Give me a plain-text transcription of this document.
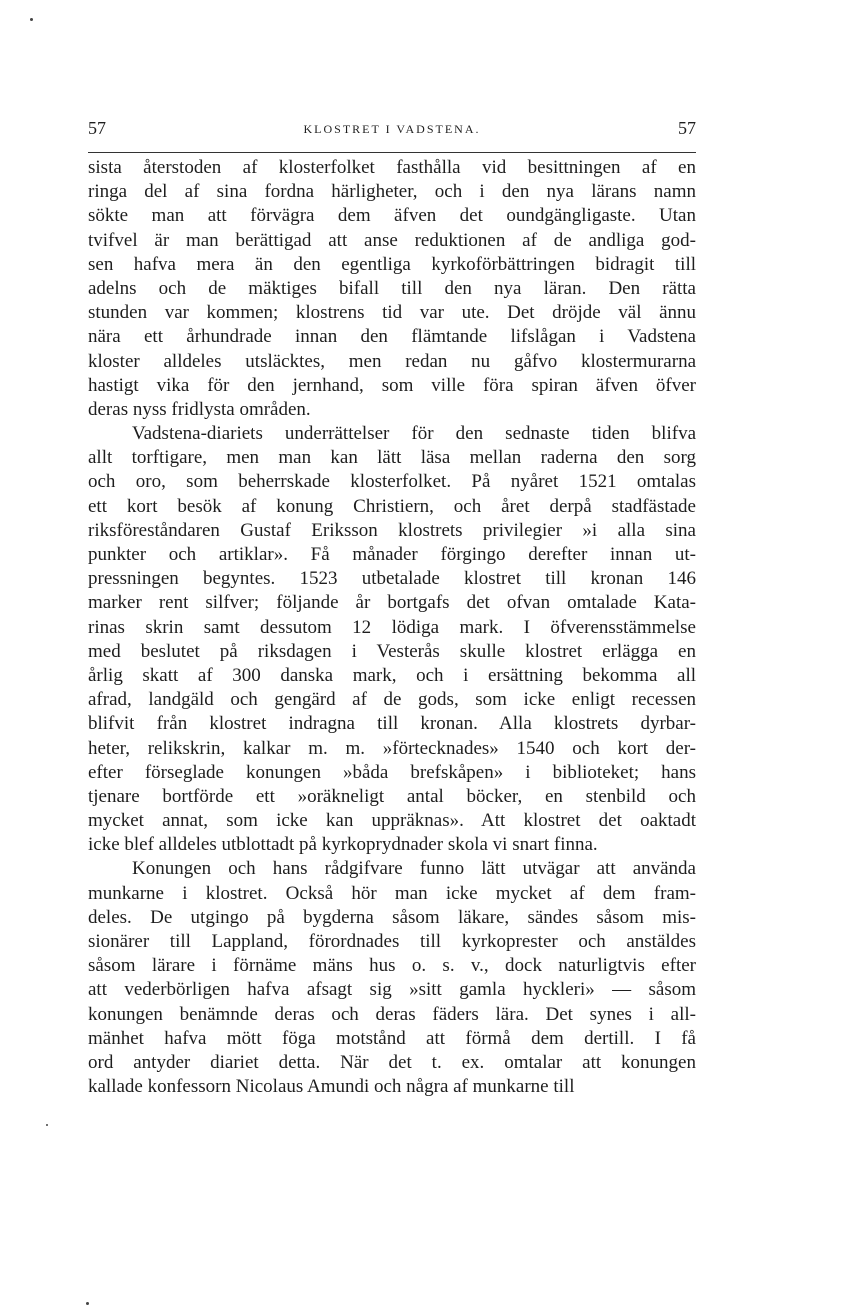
57	KLOSTRET I VADSTENA.	57
sista återstoden af klosterfolket fasthålla vid besittningen af en
ringa del af sina fordna härligheter, och i den nya lärans namn
sökte man att förvägra dem äfven det oundgängligaste. Utan
tvifvel är man berättigad att anse reduktionen af de andliga god-
sen hafva mera än den egentliga kyrkoförbättringen bidragit till
adelns och de mäktiges bifall till den nya läran. Den rätta
stunden var kommen; klostrens tid var ute. Det dröjde väl ännu
nära ett århundrade innan den flämtande lifslågan i Vadstena
kloster alldeles utsläcktes, men redan nu gåfvo klostermurarna
hastigt vika för den jernhand, som ville föra spiran äfven öfver
deras nyss fridlysta områden.
Vadstena-diariets underrättelser för den sednaste tiden blifva
allt torftigare, men man kan lätt läsa mellan raderna den sorg
och oro, som beherrskade klosterfolket. På nyåret 1521 omtalas
ett kort besök af konung Christiern, och året derpå stadfästade
riksföreståndaren Gustaf Eriksson klostrets privilegier »i alla sina
punkter och artiklar». Få månader förgingo derefter innan ut-
pressningen begyntes. 1523 utbetalade klostret till kronan 146
marker rent silfver; följande år bortgafs det ofvan omtalade Kata-
rinas skrin samt dessutom 12 lödiga mark. I öfverensstämmelse
med beslutet på riksdagen i Vesterås skulle klostret erlägga en
årlig skatt af 300 danska mark, och i ersättning bekomma all
afrad, landgäld och gengärd af de gods, som icke enligt recessen
blifvit från klostret indragna till kronan. Alla klostrets dyrbar-
heter, relikskrin, kalkar m. m. »förtecknades» 1540 och kort der-
efter förseglade konungen »båda brefskåpen» i biblioteket; hans
tjenare bortförde ett »oräkneligt antal böcker, en stenbild och
mycket annat, som icke kan uppräknas». Att klostret det oaktadt
icke blef alldeles utblottadt på kyrkoprydnader skola vi snart finna.
Konungen och hans rådgifvare funno lätt utvägar att använda
munkarne i klostret. Också hör man icke mycket af dem fram-
deles. De utgingo på bygderna såsom läkare, sändes såsom mis-
sionärer till Lappland, förordnades till kyrkoprester och anstäldes
såsom lärare i förnäme mäns hus o. s. v., dock naturligtvis efter
att vederbörligen hafva afsagt sig »sitt gamla hyckleri» — såsom
konungen benämnde deras och deras fäders lära. Det synes i all-
mänhet hafva mött föga motstånd att förmå dem dertill. I få
ord antyder diariet detta. När det t. ex. omtalar att konungen
kallade konfessorn Nicolaus Amundi och några af munkarne till
